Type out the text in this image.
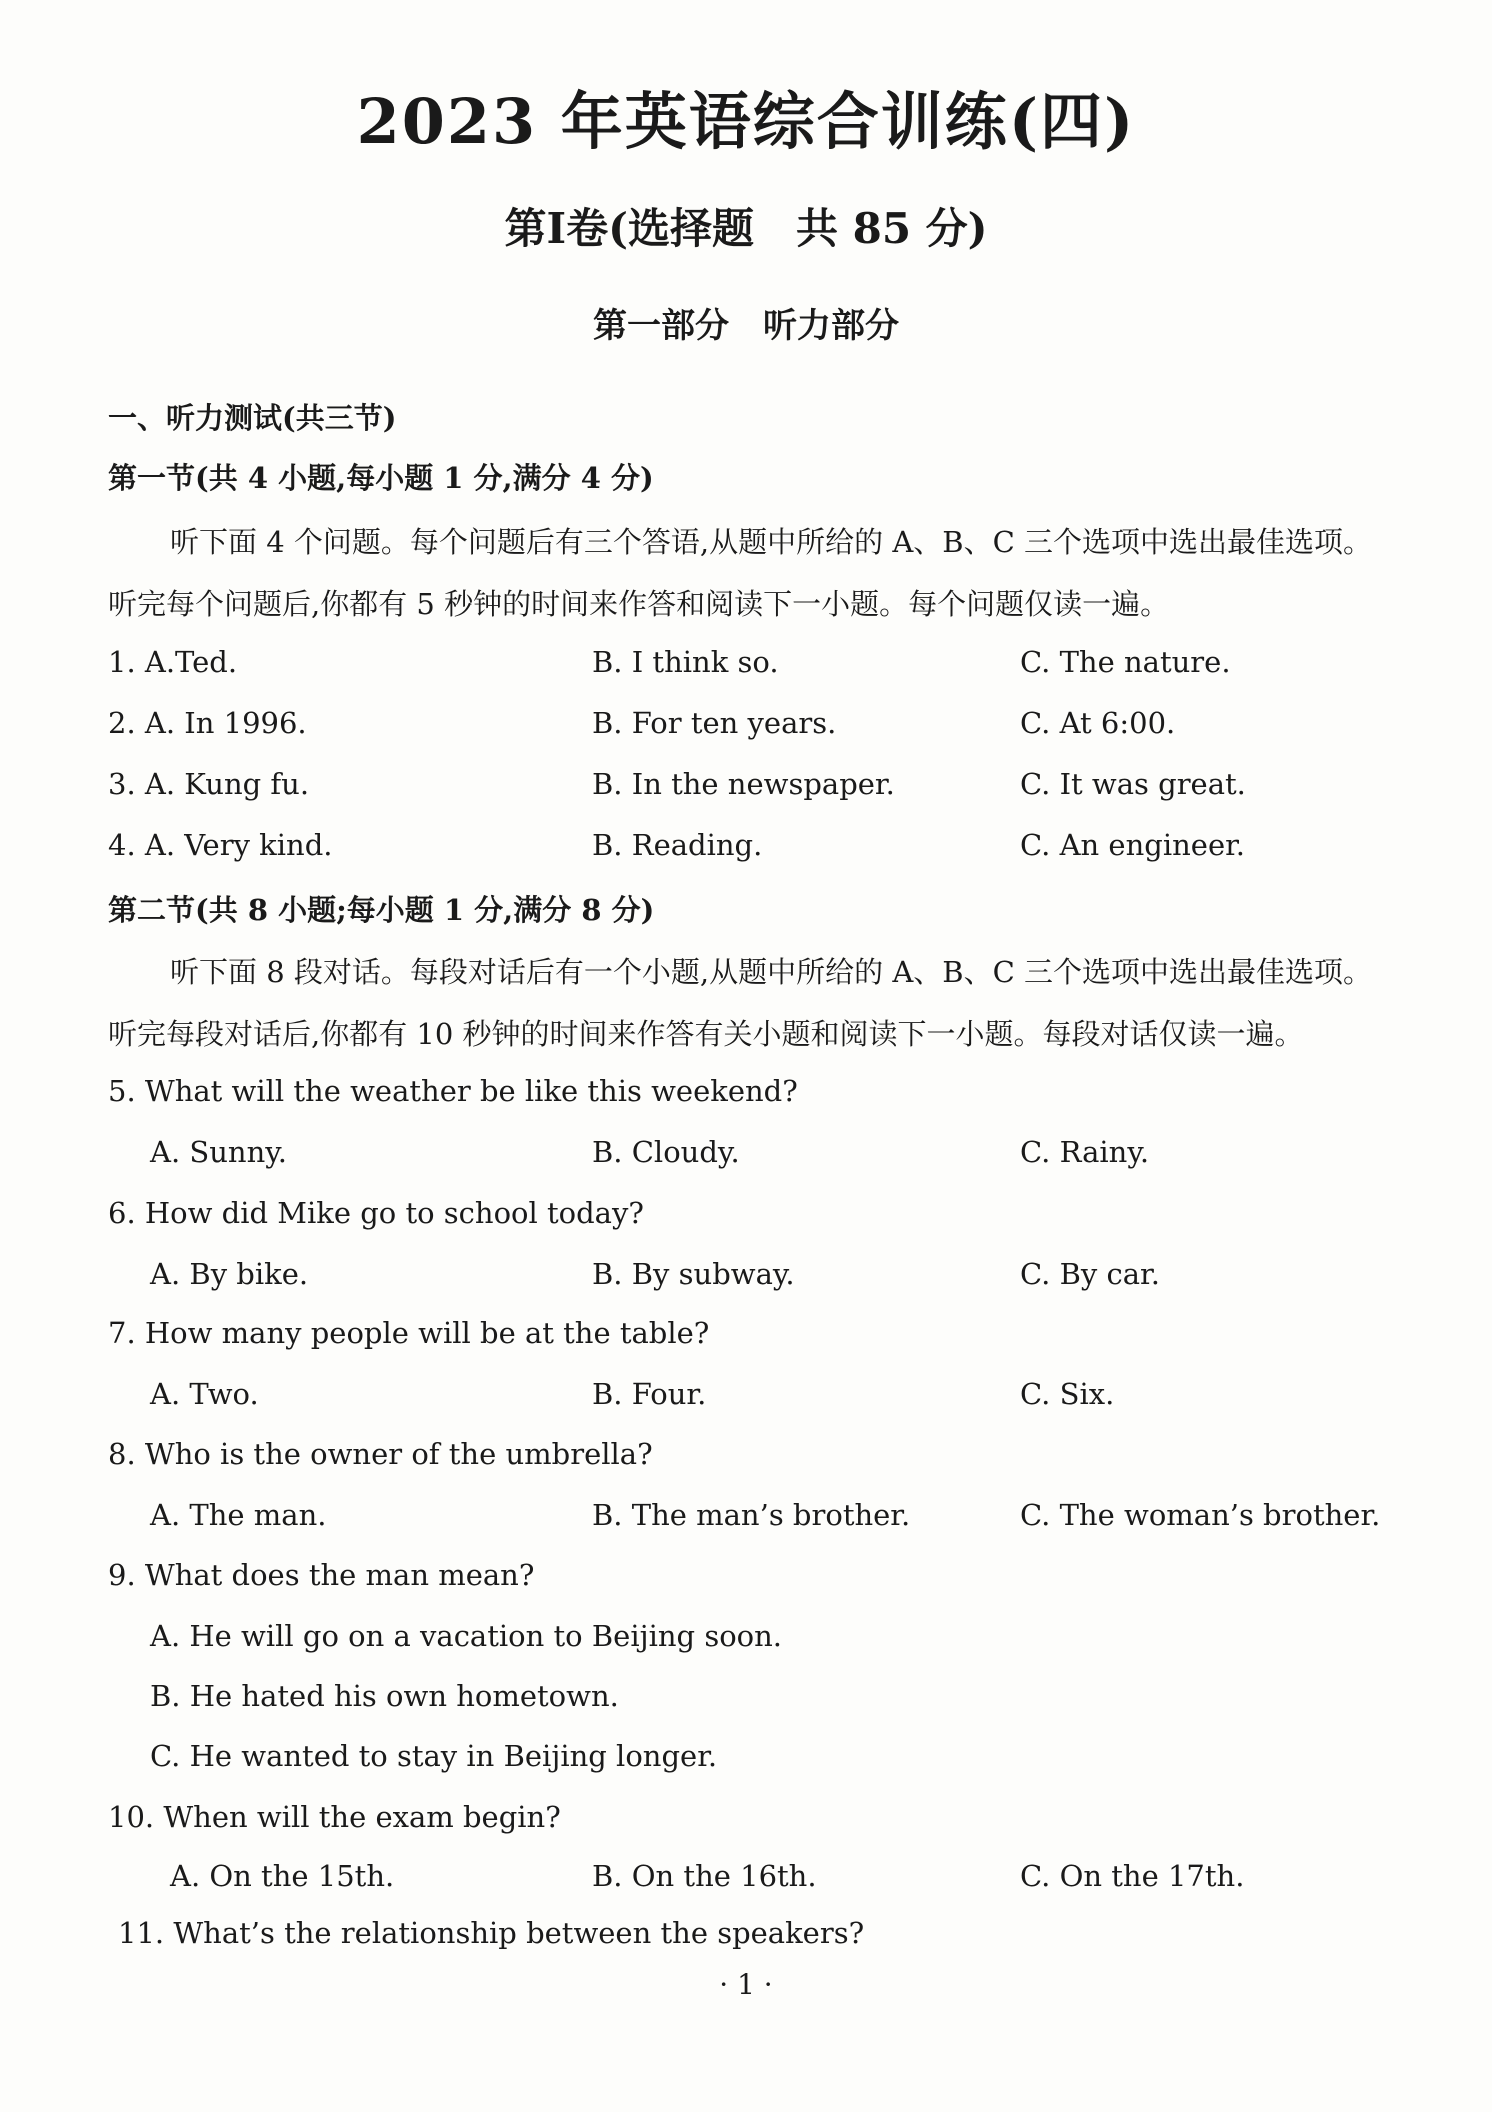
2023 年英语综合训练(四)
第Ⅰ卷(选择题　共 85 分)
第一部分　听力部分
一、听力测试(共三节)
第一节(共 4 小题,每小题 1 分,满分 4 分)
听下面 4 个问题。每个问题后有三个答语,从题中所给的 A、B、C 三个选项中选出最佳选项。
听完每个问题后,你都有 5 秒钟的时间来作答和阅读下一小题。每个问题仅读一遍。
1. A.Ted.	B. I think so.	C. The nature.
2. A. In 1996.	B. For ten years.	C. At 6:00.
3. A. Kung fu.	B. In the newspaper.	C. It was great.
4. A. Very kind.	B. Reading.	C. An engineer.
第二节(共 8 小题;每小题 1 分,满分 8 分)
听下面 8 段对话。每段对话后有一个小题,从题中所给的 A、B、C 三个选项中选出最佳选项。
听完每段对话后,你都有 10 秒钟的时间来作答有关小题和阅读下一小题。每段对话仅读一遍。
5. What will the weather be like this weekend?
A. Sunny.	B. Cloudy.	C. Rainy.
6. How did Mike go to school today?
A. By bike.	B. By subway.	C. By car.
7. How many people will be at the table?
A. Two.	B. Four.	C. Six.
8. Who is the owner of the umbrella?
A. The man.	B. The man’s brother.	C. The woman’s brother.
9. What does the man mean?
A. He will go on a vacation to Beijing soon.
B. He hated his own hometown.
C. He wanted to stay in Beijing longer.
10. When will the exam begin?
A. On the 15th.	B. On the 16th.	C. On the 17th.
11. What’s the relationship between the speakers?
· 1 ·
